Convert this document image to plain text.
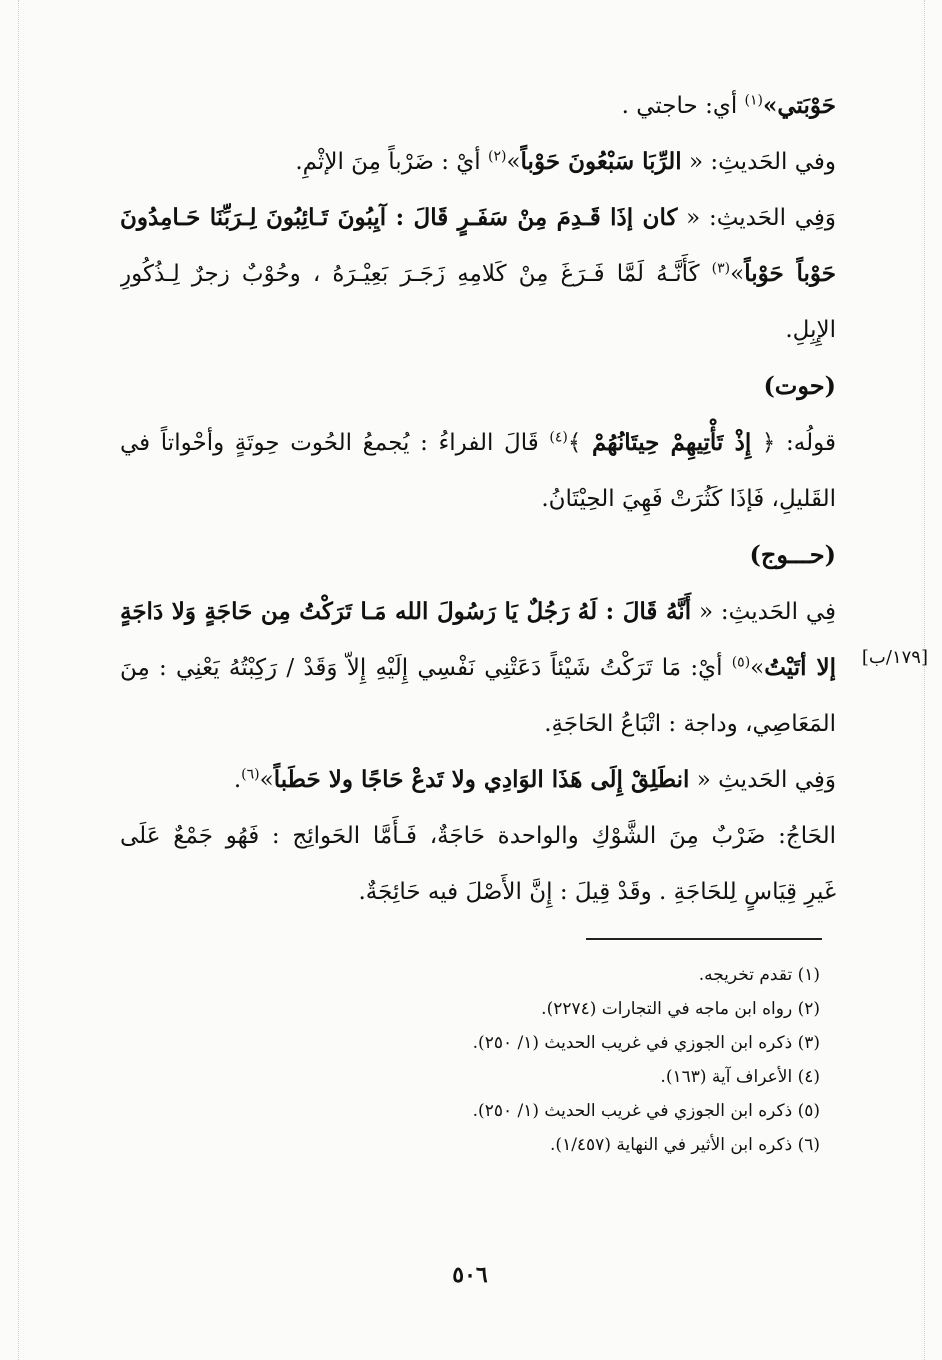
حَوْبَتي»$^{(١)}$ أي: حاجتي .
وفي الحَديثِ: « الرِّبَا سَبْعُونَ حَوْباً»$^{(٢)}$ أيْ : ضَرْباً مِنَ الإثْمِ.
وَفِي الحَديثِ: « كان إذَا قَـدِمَ مِنْ سَفَـرٍ قَالَ : آيِبُونَ تَـائِبُونَ لِـرَبِّنَا حَـامِدُونَ
حَوْباً حَوْباً»$^{(٣)}$ كَأَنَّـهُ لَمَّا فَـرَغَ مِنْ كَلامِهِ زَجَـرَ بَعِيْـرَهُ ، وحُوْبٌ زجرٌ لِـذُكُورِ
الإِبِلِ.
(حوت)
قولُه: ﴿ إِذْ تَأْتِيهِمْ حِيتَانُهُمْ ﴾$^{(٤)}$ قَالَ الفراءُ : يُجمعُ الحُوت حِوتَةٍ وأحْواتاً في
القَليلِ، فَإذَا كَثُرَتْ فَهِيَ الحِيْتَانُ.
(حـــوج)
فِي الحَديثِ: « أَنَّهُ قَالَ : لَهُ رَجُلٌ يَا رَسُولَ الله مَـا تَرَكْتُ مِن حَاجَةٍ وَلا دَاجَةٍ
إلا أتَيْتُ»$^{(٥)}$ أيْ: مَا تَرَكْتُ شَيْئاً دَعَتْنِي نَفْسِي إِلَيْهِ إِلاّ وَقَدْ / رَكِبْتُهُ يَعْنِي : مِنَ
المَعَاصِي، وداجة : اتْبَاعُ الحَاجَةِ.
وَفِي الحَديثِ « انطَلِقْ إِلَى هَذَا الوَادِي ولا تَدعْ حَاجًا ولا حَطَباً»$^{(٦)}$.
الحَاجُ: ضَرْبٌ مِنَ الشَّوْكِ والواحدة حَاجَةٌ، فَـأَمَّا الحَوائِج : فَهُو جَمْعٌ عَلَى
غَيرِ قِيَاسٍ لِلحَاجَةِ . وقَدْ قِيلَ : إِنَّ الأَصْلَ فيه حَائِجَةٌ.
[١٧٩/ب]
(١) تقدم تخريجه.
(٢) رواه ابن ماجه في التجارات (٢٢٧٤).
(٣) ذكره ابن الجوزي في غريب الحديث (١/ ٢٥٠).
(٤) الأعراف آية (١٦٣).
(٥) ذكره ابن الجوزي في غريب الحديث (١/ ٢٥٠).
(٦) ذكره ابن الأثير في النهاية (١/٤٥٧).
٥٠٦
